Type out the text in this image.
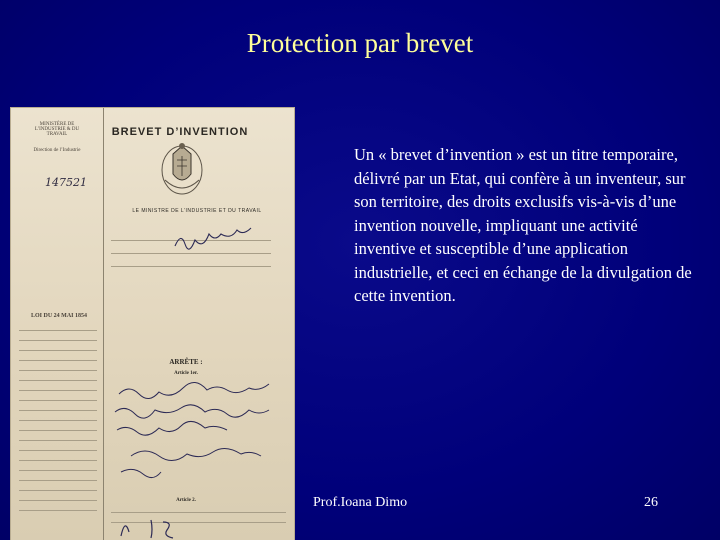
Protection par brevet
MINISTÈRE DE L’INDUSTRIE & DU TRAVAIL
Direction de l’Industrie
147521
BREVET D’INVENTION
LE MINISTRE DE L’INDUSTRIE ET DU TRAVAIL
ARRÊTE :
Article 1er.
Article 2.
LOI DU 24 MAI 1854
Un « brevet d’invention » est un titre temporaire, délivré par un Etat, qui confère à un inventeur, sur son territoire, des droits exclusifs vis-à-vis d’une invention nouvelle, impliquant une activité inventive et susceptible d’une application industrielle, et ceci en échange de la divulgation de cette invention.
Prof.Ioana Dimo	26
